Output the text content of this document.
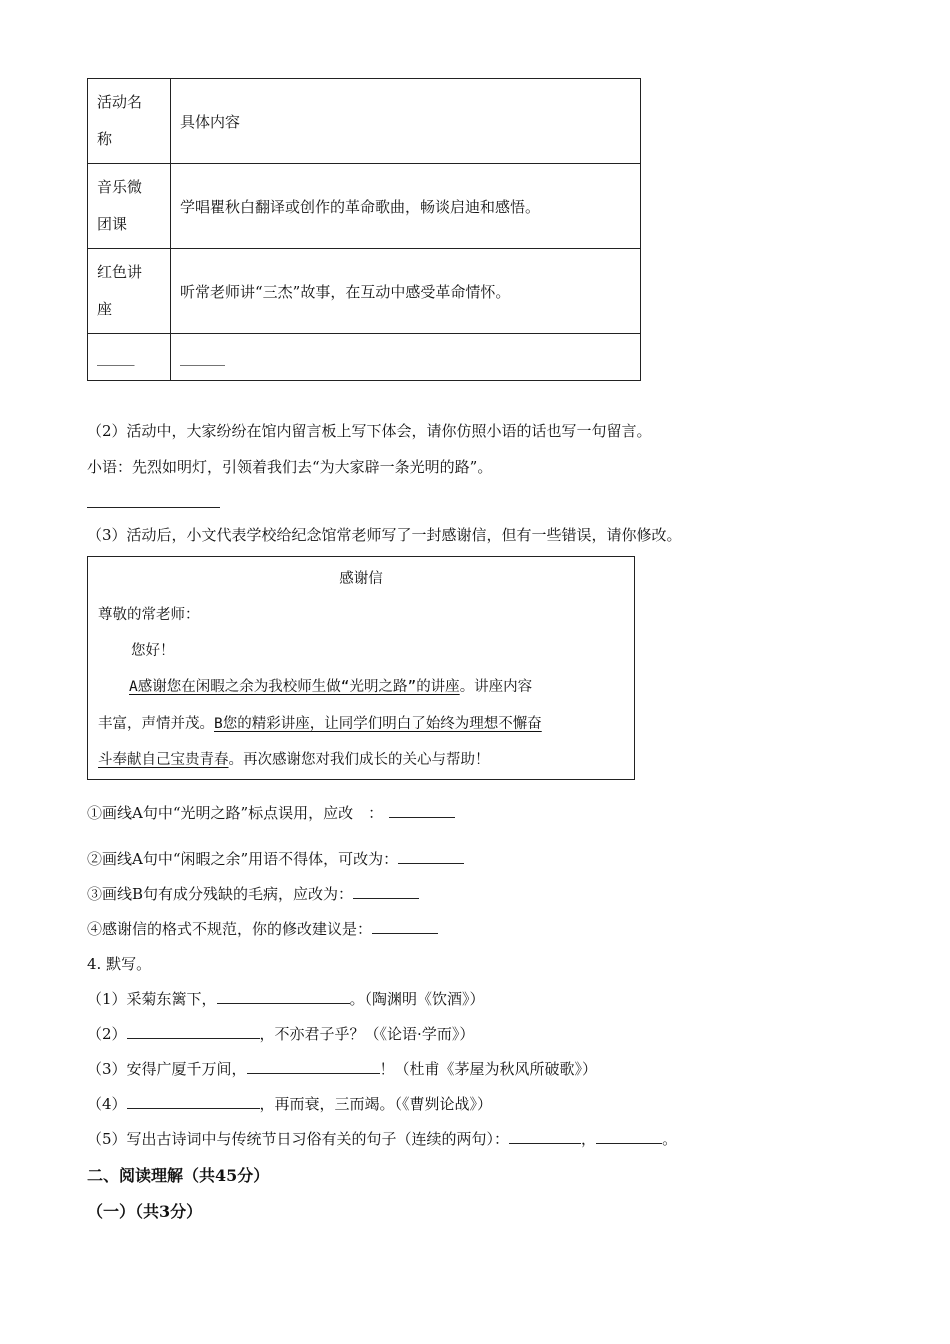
活动名
称	具体内容
音乐微
团课	学唱瞿秋白翻译或创作的革命歌曲，畅谈启迪和感悟。
红色讲
座	听常老师讲“三杰”故事，在互动中感受革命情怀。
_____	______
（2）活动中，大家纷纷在馆内留言板上写下体会，请你仿照小语的话也写一句留言。
小语：先烈如明灯，引领着我们去“为大家辟一条光明的路”。
（3）活动后，小文代表学校给纪念馆常老师写了一封感谢信，但有一些错误，请你修改。
感谢信
尊敬的常老师：
您好！
A感谢您在闲暇之余为我校师生做“光明之路”的讲座。讲座内容
丰富，声情并茂。B您的精彩讲座，让同学们明白了始终为理想不懈奋
斗奉献自己宝贵青春。再次感谢您对我们成长的关心与帮助！
①画线A句中“光明之路”标点误用，应改　：
②画线A句中“闲暇之余”用语不得体，可改为：
③画线B句有成分残缺的毛病，应改为：
④感谢信的格式不规范，你的修改建议是：
4. 默写。
（1）采菊东篱下，	。（陶渊明《饮酒》）
（2）	，不亦君子乎？（《论语·学而》）
（3）安得广厦千万间，	！（杜甫《茅屋为秋风所破歌》）
（4）	，再而衰，三而竭。（《曹刿论战》）
（5）写出古诗词中与传统节日习俗有关的句子（连续的两句）：	，	。
二、阅读理解（共45分）
（一）（共3分）
